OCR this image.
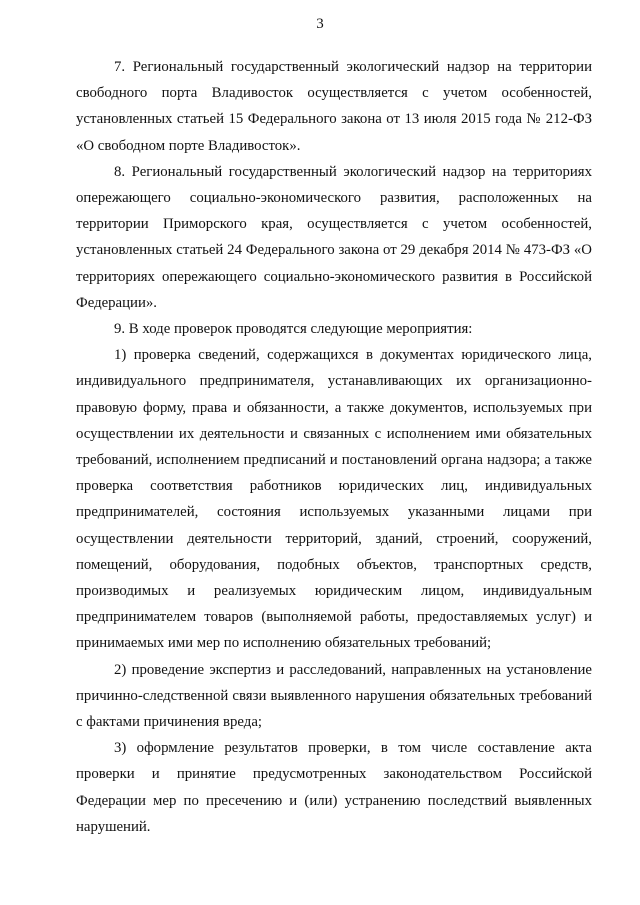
3

7. Региональный государственный экологический надзор на территории свободного порта Владивосток осуществляется с учетом особенностей, установленных статьей 15 Федерального закона от 13 июля 2015 года № 212-ФЗ «О свободном порте Владивосток».

8. Региональный государственный экологический надзор на территориях опережающего социально-экономического развития, расположенных на территории Приморского края, осуществляется с учетом особенностей, установленных статьей 24 Федерального закона от 29 декабря 2014 № 473-ФЗ «О территориях опережающего социально-экономического развития в Российской Федерации».

9. В ходе проверок проводятся следующие мероприятия:

1) проверка сведений, содержащихся в документах юридического лица, индивидуального предпринимателя, устанавливающих их организационно-правовую форму, права и обязанности, а также документов, используемых при осуществлении их деятельности и связанных с исполнением ими обязательных требований, исполнением предписаний и постановлений органа надзора; а также проверка соответствия работников юридических лиц, индивидуальных предпринимателей, состояния используемых указанными лицами при осуществлении деятельности территорий, зданий, строений, сооружений, помещений, оборудования, подобных объектов, транспортных средств, производимых и реализуемых юридическим лицом, индивидуальным предпринимателем товаров (выполняемой работы, предоставляемых услуг) и принимаемых ими мер по исполнению обязательных требований;

2) проведение экспертиз и расследований, направленных на установление причинно-следственной связи выявленного нарушения обязательных требований с фактами причинения вреда;

3) оформление результатов проверки, в том числе составление акта проверки и принятие предусмотренных законодательством Российской Федерации мер по пресечению и (или) устранению последствий выявленных нарушений.
